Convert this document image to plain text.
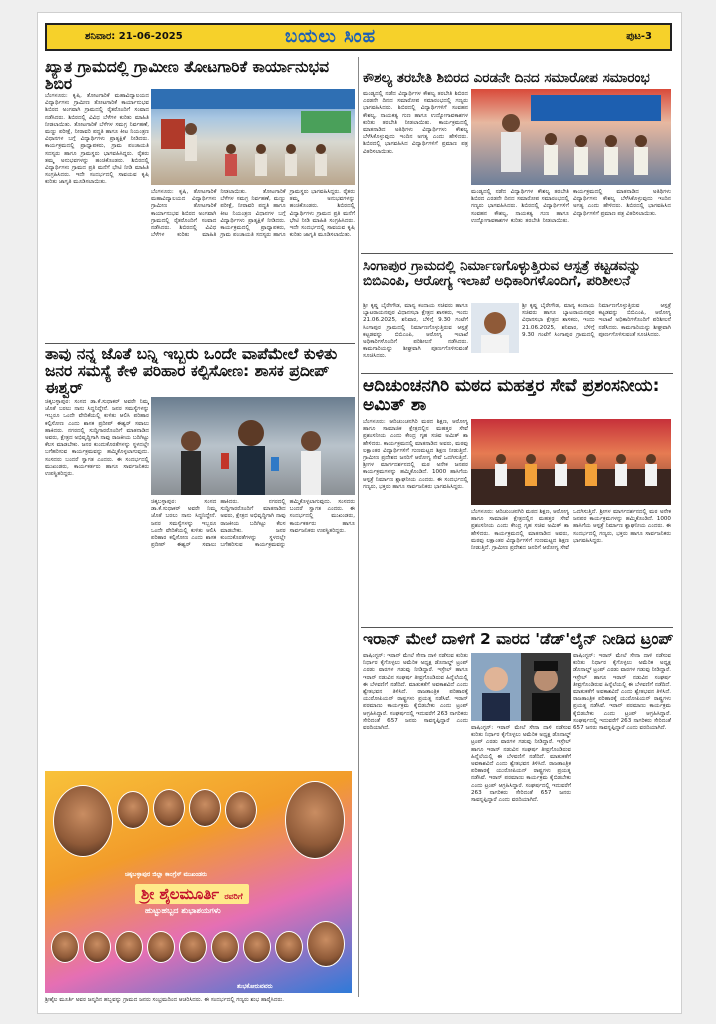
ಶನಿವಾರ: 21-06-2025	ಬಯಲು ಸಿಂಹ	ಪುಟ-3
ಖ್ಯಾತ ಗ್ರಾಮದಲ್ಲಿ ಗ್ರಾಮೀಣ ತೋಟಗಾರಿಕೆ ಕಾರ್ಯಾನುಭವ ಶಿಬಿರ
ಬೆಂಗಳೂರು: ಕೃಷಿ, ತೋಟಗಾರಿಕೆ ಮಹಾವಿದ್ಯಾಲಯದ ವಿದ್ಯಾರ್ಥಿಗಳು ಗ್ರಾಮೀಣ ತೋಟಗಾರಿಕೆ ಕಾರ್ಯಾನುಭವ ಶಿಬಿರದ ಅಂಗವಾಗಿ ಗ್ರಾಮದಲ್ಲಿ ರೈತರೊಂದಿಗೆ ಸಂವಾದ ನಡೆಸಿದರು. ಶಿಬಿರದಲ್ಲಿ ವಿವಿಧ ಬೆಳೆಗಳ ಕುರಿತು ಮಾಹಿತಿ ನೀಡಲಾಯಿತು. ತೋಟಗಾರಿಕೆ ಬೆಳೆಗಳ ಸಮಗ್ರ ನಿರ್ವಹಣೆ, ಮಣ್ಣು ಪರೀಕ್ಷೆ, ನೀರಾವರಿ ಪದ್ಧತಿ ಹಾಗೂ ಕೀಟ ನಿಯಂತ್ರಣ ವಿಧಾನಗಳ ಬಗ್ಗೆ ವಿದ್ಯಾರ್ಥಿಗಳು ಪ್ರಾತ್ಯಕ್ಷಿಕೆ ನೀಡಿದರು. ಕಾರ್ಯಕ್ರಮದಲ್ಲಿ ಪ್ರಾಧ್ಯಾಪಕರು, ಗ್ರಾಮ ಪಂಚಾಯತಿ ಸದಸ್ಯರು ಹಾಗೂ ಗ್ರಾಮಸ್ಥರು ಭಾಗವಹಿಸಿದ್ದರು. ರೈತರು ತಮ್ಮ ಅನುಭವಗಳನ್ನು ಹಂಚಿಕೊಂಡರು. ಶಿಬಿರದಲ್ಲಿ ವಿದ್ಯಾರ್ಥಿಗಳು ಗ್ರಾಮದ ಪ್ರತಿ ಮನೆಗೆ ಭೇಟಿ ನೀಡಿ ಮಾಹಿತಿ ಸಂಗ್ರಹಿಸಿದರು. ಇದೇ ಸಂದರ್ಭದಲ್ಲಿ ಸಾವಯವ ಕೃಷಿ ಕುರಿತು ಜಾಗೃತಿ ಮೂಡಿಸಲಾಯಿತು.
ಬೆಂಗಳೂರು: ಕೃಷಿ, ತೋಟಗಾರಿಕೆ ಮಹಾವಿದ್ಯಾಲಯದ ವಿದ್ಯಾರ್ಥಿಗಳು ಗ್ರಾಮೀಣ ತೋಟಗಾರಿಕೆ ಕಾರ್ಯಾನುಭವ ಶಿಬಿರದ ಅಂಗವಾಗಿ ಗ್ರಾಮದಲ್ಲಿ ರೈತರೊಂದಿಗೆ ಸಂವಾದ ನಡೆಸಿದರು. ಶಿಬಿರದಲ್ಲಿ ವಿವಿಧ ಬೆಳೆಗಳ ಕುರಿತು ಮಾಹಿತಿ ನೀಡಲಾಯಿತು. ತೋಟಗಾರಿಕೆ ಬೆಳೆಗಳ ಸಮಗ್ರ ನಿರ್ವಹಣೆ, ಮಣ್ಣು ಪರೀಕ್ಷೆ, ನೀರಾವರಿ ಪದ್ಧತಿ ಹಾಗೂ ಕೀಟ ನಿಯಂತ್ರಣ ವಿಧಾನಗಳ ಬಗ್ಗೆ ವಿದ್ಯಾರ್ಥಿಗಳು ಪ್ರಾತ್ಯಕ್ಷಿಕೆ ನೀಡಿದರು. ಕಾರ್ಯಕ್ರಮದಲ್ಲಿ ಪ್ರಾಧ್ಯಾಪಕರು, ಗ್ರಾಮ ಪಂಚಾಯತಿ ಸದಸ್ಯರು ಹಾಗೂ ಗ್ರಾಮಸ್ಥರು ಭಾಗವಹಿಸಿದ್ದರು. ರೈತರು ತಮ್ಮ ಅನುಭವಗಳನ್ನು ಹಂಚಿಕೊಂಡರು. ಶಿಬಿರದಲ್ಲಿ ವಿದ್ಯಾರ್ಥಿಗಳು ಗ್ರಾಮದ ಪ್ರತಿ ಮನೆಗೆ ಭೇಟಿ ನೀಡಿ ಮಾಹಿತಿ ಸಂಗ್ರಹಿಸಿದರು. ಇದೇ ಸಂದರ್ಭದಲ್ಲಿ ಸಾವಯವ ಕೃಷಿ ಕುರಿತು ಜಾಗೃತಿ ಮೂಡಿಸಲಾಯಿತು.
ಕೌಶಲ್ಯ ತರಬೇತಿ ಶಿಬಿರದ ಎರಡನೇ ದಿನದ ಸಮಾರೋಪ ಸಮಾರಂಭ
ಮಂಡ್ಯದಲ್ಲಿ ನಡೆದ ವಿದ್ಯಾರ್ಥಿಗಳ ಕೌಶಲ್ಯ ತರಬೇತಿ ಶಿಬಿರದ ಎರಡನೇ ದಿನದ ಸಮಾರೋಪ ಸಮಾರಂಭದಲ್ಲಿ ಗಣ್ಯರು ಭಾಗವಹಿಸಿದರು. ಶಿಬಿರದಲ್ಲಿ ವಿದ್ಯಾರ್ಥಿಗಳಿಗೆ ಸಂವಹನ ಕೌಶಲ್ಯ, ನಾಯಕತ್ವ ಗುಣ ಹಾಗೂ ಉದ್ಯೋಗಾವಕಾಶಗಳ ಕುರಿತು ತರಬೇತಿ ನೀಡಲಾಯಿತು. ಕಾರ್ಯಕ್ರಮದಲ್ಲಿ ಮಾತನಾಡಿದ ಅತಿಥಿಗಳು ವಿದ್ಯಾರ್ಥಿಗಳು ಕೌಶಲ್ಯ ಬೆಳೆಸಿಕೊಳ್ಳುವುದು ಇಂದಿನ ಅಗತ್ಯ ಎಂದು ಹೇಳಿದರು. ಶಿಬಿರದಲ್ಲಿ ಭಾಗವಹಿಸಿದ ವಿದ್ಯಾರ್ಥಿಗಳಿಗೆ ಪ್ರಮಾಣ ಪತ್ರ ವಿತರಿಸಲಾಯಿತು.
ಮಂಡ್ಯದಲ್ಲಿ ನಡೆದ ವಿದ್ಯಾರ್ಥಿಗಳ ಕೌಶಲ್ಯ ತರಬೇತಿ ಶಿಬಿರದ ಎರಡನೇ ದಿನದ ಸಮಾರೋಪ ಸಮಾರಂಭದಲ್ಲಿ ಗಣ್ಯರು ಭಾಗವಹಿಸಿದರು. ಶಿಬಿರದಲ್ಲಿ ವಿದ್ಯಾರ್ಥಿಗಳಿಗೆ ಸಂವಹನ ಕೌಶಲ್ಯ, ನಾಯಕತ್ವ ಗುಣ ಹಾಗೂ ಉದ್ಯೋಗಾವಕಾಶಗಳ ಕುರಿತು ತರಬೇತಿ ನೀಡಲಾಯಿತು. ಕಾರ್ಯಕ್ರಮದಲ್ಲಿ ಮಾತನಾಡಿದ ಅತಿಥಿಗಳು ವಿದ್ಯಾರ್ಥಿಗಳು ಕೌಶಲ್ಯ ಬೆಳೆಸಿಕೊಳ್ಳುವುದು ಇಂದಿನ ಅಗತ್ಯ ಎಂದು ಹೇಳಿದರು. ಶಿಬಿರದಲ್ಲಿ ಭಾಗವಹಿಸಿದ ವಿದ್ಯಾರ್ಥಿಗಳಿಗೆ ಪ್ರಮಾಣ ಪತ್ರ ವಿತರಿಸಲಾಯಿತು.
ಸಿಂಗಾಪುರ ಗ್ರಾಮದಲ್ಲಿ ನಿರ್ಮಾಣಗೊಳ್ಳುತ್ತಿರುವ ಆಸ್ಪತ್ರೆ ಕಟ್ಟಡವನ್ನು ಬಿಬಿಎಂಪಿ, ಆರೋಗ್ಯ ಇಲಾಖೆ ಅಧಿಕಾರಿಗಳೊಂದಿಗೆ, ಪರಿಶೀಲನೆ
ಶ್ರೀ ಕೃಷ್ಣ ಬೈರೇಗೌಡ, ಮಾನ್ಯ ಕಂದಾಯ ಸಚಿವರು ಹಾಗೂ ಬ್ಯಾಟರಾಯನಪುರ ವಿಧಾನಸಭಾ ಕ್ಷೇತ್ರದ ಶಾಸಕರು, ಇಂದು 21.06.2025, ಶನಿವಾರ, ಬೆಳಿಗ್ಗೆ 9.30 ಗಂಟೆಗೆ ಸಿಂಗಾಪುರ ಗ್ರಾಮದಲ್ಲಿ ನಿರ್ಮಾಣಗೊಳ್ಳುತ್ತಿರುವ ಆಸ್ಪತ್ರೆ ಕಟ್ಟಡವನ್ನು ಬಿಬಿಎಂಪಿ, ಆರೋಗ್ಯ ಇಲಾಖೆ ಅಧಿಕಾರಿಗಳೊಂದಿಗೆ ಪರಿಶೀಲನೆ ನಡೆಸಿದರು. ಕಾಮಗಾರಿಯನ್ನು ಶೀಘ್ರವಾಗಿ ಪೂರ್ಣಗೊಳಿಸುವಂತೆ ಸೂಚಿಸಿದರು.
ಶ್ರೀ ಕೃಷ್ಣ ಬೈರೇಗೌಡ, ಮಾನ್ಯ ಕಂದಾಯ ಸಚಿವರು ಹಾಗೂ ಬ್ಯಾಟರಾಯನಪುರ ವಿಧಾನಸಭಾ ಕ್ಷೇತ್ರದ ಶಾಸಕರು, ಇಂದು 21.06.2025, ಶನಿವಾರ, ಬೆಳಿಗ್ಗೆ 9.30 ಗಂಟೆಗೆ ಸಿಂಗಾಪುರ ಗ್ರಾಮದಲ್ಲಿ ನಿರ್ಮಾಣಗೊಳ್ಳುತ್ತಿರುವ ಆಸ್ಪತ್ರೆ ಕಟ್ಟಡವನ್ನು ಬಿಬಿಎಂಪಿ, ಆರೋಗ್ಯ ಇಲಾಖೆ ಅಧಿಕಾರಿಗಳೊಂದಿಗೆ ಪರಿಶೀಲನೆ ನಡೆಸಿದರು. ಕಾಮಗಾರಿಯನ್ನು ಶೀಘ್ರವಾಗಿ ಪೂರ್ಣಗೊಳಿಸುವಂತೆ ಸೂಚಿಸಿದರು.
ತಾವು ನನ್ನ ಜೊತೆ ಬನ್ನಿ ಇಬ್ಬರು ಒಂದೇ ವಾಪೆಮೇಲೆ ಕುಳಿತು ಜನರ ಸಮಸ್ಯೆ ಕೇಳಿ ಪರಿಹಾರ ಕಲ್ಪಿಸೋಣ: ಶಾಸಕ ಪ್ರದೀಪ್ ಈಶ್ವರ್
ಚಿಕ್ಕಬಳ್ಳಾಪುರ: ಸಂಸದ ಡಾ.ಕೆ.ಸುಧಾಕರ್ ಅವರೇ ನಿಮ್ಮ ಜೊತೆ ಬರಲು ನಾನು ಸಿದ್ಧನಿದ್ದೇನೆ. ಜನರ ಸಮಸ್ಯೆಗಳನ್ನು ಇಬ್ಬರೂ ಒಂದೇ ವೇದಿಕೆಯಲ್ಲಿ ಕುಳಿತು ಆಲಿಸಿ ಪರಿಹಾರ ಕಲ್ಪಿಸೋಣ ಎಂದು ಶಾಸಕ ಪ್ರದೀಪ್ ಈಶ್ವರ್ ಸವಾಲು ಹಾಕಿದರು. ನಗರದಲ್ಲಿ ಸುದ್ದಿಗಾರರೊಂದಿಗೆ ಮಾತನಾಡಿದ ಅವರು, ಕ್ಷೇತ್ರದ ಅಭಿವೃದ್ಧಿಗಾಗಿ ನಾವು ರಾಜಕೀಯ ಬದಿಗಿಟ್ಟು ಕೆಲಸ ಮಾಡಬೇಕು. ಜನರ ಕುಂದುಕೊರತೆಗಳನ್ನು ಸ್ಥಳದಲ್ಲೇ ಬಗೆಹರಿಸುವ ಕಾರ್ಯಕ್ರಮವನ್ನು ಹಮ್ಮಿಕೊಳ್ಳಲಾಗುವುದು. ಸಂಸದರು ಬಂದರೆ ಸ್ವಾಗತ ಎಂದರು. ಈ ಸಂದರ್ಭದಲ್ಲಿ ಮುಖಂಡರು, ಕಾರ್ಯಕರ್ತರು ಹಾಗೂ ಸಾರ್ವಜನಿಕರು ಉಪಸ್ಥಿತರಿದ್ದರು.
ಚಿಕ್ಕಬಳ್ಳಾಪುರ: ಸಂಸದ ಡಾ.ಕೆ.ಸುಧಾಕರ್ ಅವರೇ ನಿಮ್ಮ ಜೊತೆ ಬರಲು ನಾನು ಸಿದ್ಧನಿದ್ದೇನೆ. ಜನರ ಸಮಸ್ಯೆಗಳನ್ನು ಇಬ್ಬರೂ ಒಂದೇ ವೇದಿಕೆಯಲ್ಲಿ ಕುಳಿತು ಆಲಿಸಿ ಪರಿಹಾರ ಕಲ್ಪಿಸೋಣ ಎಂದು ಶಾಸಕ ಪ್ರದೀಪ್ ಈಶ್ವರ್ ಸವಾಲು ಹಾಕಿದರು. ನಗರದಲ್ಲಿ ಸುದ್ದಿಗಾರರೊಂದಿಗೆ ಮಾತನಾಡಿದ ಅವರು, ಕ್ಷೇತ್ರದ ಅಭಿವೃದ್ಧಿಗಾಗಿ ನಾವು ರಾಜಕೀಯ ಬದಿಗಿಟ್ಟು ಕೆಲಸ ಮಾಡಬೇಕು. ಜನರ ಕುಂದುಕೊರತೆಗಳನ್ನು ಸ್ಥಳದಲ್ಲೇ ಬಗೆಹರಿಸುವ ಕಾರ್ಯಕ್ರಮವನ್ನು ಹಮ್ಮಿಕೊಳ್ಳಲಾಗುವುದು. ಸಂಸದರು ಬಂದರೆ ಸ್ವಾಗತ ಎಂದರು. ಈ ಸಂದರ್ಭದಲ್ಲಿ ಮುಖಂಡರು, ಕಾರ್ಯಕರ್ತರು ಹಾಗೂ ಸಾರ್ವಜನಿಕರು ಉಪಸ್ಥಿತರಿದ್ದರು.
ಆದಿಚುಂಚನಗಿರಿ ಮಠದ ಮಹತ್ತರ ಸೇವೆ ಪ್ರಶಂಸನೀಯ: ಅಮಿತ್ ಶಾ
ಬೆಂಗಳೂರು: ಆದಿಚುಂಚನಗಿರಿ ಮಠದ ಶಿಕ್ಷಣ, ಆರೋಗ್ಯ ಹಾಗೂ ಸಾಮಾಜಿಕ ಕ್ಷೇತ್ರದಲ್ಲಿನ ಮಹತ್ತರ ಸೇವೆ ಪ್ರಶಂಸನೀಯ ಎಂದು ಕೇಂದ್ರ ಗೃಹ ಸಚಿವ ಅಮಿತ್ ಶಾ ಹೇಳಿದರು. ಕಾರ್ಯಕ್ರಮದಲ್ಲಿ ಮಾತನಾಡಿದ ಅವರು, ಮಠವು ಲಕ್ಷಾಂತರ ವಿದ್ಯಾರ್ಥಿಗಳಿಗೆ ಗುಣಮಟ್ಟದ ಶಿಕ್ಷಣ ನೀಡುತ್ತಿದೆ. ಗ್ರಾಮೀಣ ಪ್ರದೇಶದ ಜನರಿಗೆ ಆರೋಗ್ಯ ಸೇವೆ ಒದಗಿಸುತ್ತಿದೆ. ಶ್ರೀಗಳ ಮಾರ್ಗದರ್ಶನದಲ್ಲಿ ಮಠ ಅನೇಕ ಜನಪರ ಕಾರ್ಯಕ್ರಮಗಳನ್ನು ಹಮ್ಮಿಕೊಂಡಿದೆ. 1000 ಹಾಸಿಗೆಯ ಆಸ್ಪತ್ರೆ ನಿರ್ಮಾಣ ಶ್ಲಾಘನೀಯ ಎಂದರು. ಈ ಸಂದರ್ಭದಲ್ಲಿ ಗಣ್ಯರು, ಭಕ್ತರು ಹಾಗೂ ಸಾರ್ವಜನಿಕರು ಭಾಗವಹಿಸಿದ್ದರು.
ಬೆಂಗಳೂರು: ಆದಿಚುಂಚನಗಿರಿ ಮಠದ ಶಿಕ್ಷಣ, ಆರೋಗ್ಯ ಹಾಗೂ ಸಾಮಾಜಿಕ ಕ್ಷೇತ್ರದಲ್ಲಿನ ಮಹತ್ತರ ಸೇವೆ ಪ್ರಶಂಸನೀಯ ಎಂದು ಕೇಂದ್ರ ಗೃಹ ಸಚಿವ ಅಮಿತ್ ಶಾ ಹೇಳಿದರು. ಕಾರ್ಯಕ್ರಮದಲ್ಲಿ ಮಾತನಾಡಿದ ಅವರು, ಮಠವು ಲಕ್ಷಾಂತರ ವಿದ್ಯಾರ್ಥಿಗಳಿಗೆ ಗುಣಮಟ್ಟದ ಶಿಕ್ಷಣ ನೀಡುತ್ತಿದೆ. ಗ್ರಾಮೀಣ ಪ್ರದೇಶದ ಜನರಿಗೆ ಆರೋಗ್ಯ ಸೇವೆ ಒದಗಿಸುತ್ತಿದೆ. ಶ್ರೀಗಳ ಮಾರ್ಗದರ್ಶನದಲ್ಲಿ ಮಠ ಅನೇಕ ಜನಪರ ಕಾರ್ಯಕ್ರಮಗಳನ್ನು ಹಮ್ಮಿಕೊಂಡಿದೆ. 1000 ಹಾಸಿಗೆಯ ಆಸ್ಪತ್ರೆ ನಿರ್ಮಾಣ ಶ್ಲಾಘನೀಯ ಎಂದರು. ಈ ಸಂದರ್ಭದಲ್ಲಿ ಗಣ್ಯರು, ಭಕ್ತರು ಹಾಗೂ ಸಾರ್ವಜನಿಕರು ಭಾಗವಹಿಸಿದ್ದರು.
ಇರಾನ್ ಮೇಲೆ ದಾಳಿಗೆ 2 ವಾರದ 'ಡೆಡ್'ಲೈನ್ ನೀಡಿದ ಟ್ರಂಪ್
ವಾಷಿಂಗ್ಟನ್: ಇರಾನ್ ಮೇಲೆ ಸೇನಾ ದಾಳಿ ನಡೆಸುವ ಕುರಿತು ನಿರ್ಧಾರ ಕೈಗೊಳ್ಳಲು ಅಮೆರಿಕ ಅಧ್ಯಕ್ಷ ಡೊನಾಲ್ಡ್ ಟ್ರಂಪ್ ಎರಡು ವಾರಗಳ ಗಡುವು ನೀಡಿದ್ದಾರೆ. ಇಸ್ರೇಲ್ ಹಾಗೂ ಇರಾನ್ ನಡುವಿನ ಸಂಘರ್ಷ ತೀವ್ರಗೊಂಡಿರುವ ಹಿನ್ನೆಲೆಯಲ್ಲಿ ಈ ಬೆಳವಣಿಗೆ ನಡೆದಿದೆ. ಮಾತುಕತೆಗೆ ಅವಕಾಶವಿದೆ ಎಂದು ಶ್ವೇತಭವನ ತಿಳಿಸಿದೆ. ರಾಜತಾಂತ್ರಿಕ ಪರಿಹಾರಕ್ಕೆ ಯುರೋಪಿಯನ್ ರಾಷ್ಟ್ರಗಳು ಪ್ರಯತ್ನ ನಡೆಸಿವೆ. ಇರಾನ್ ಪರಮಾಣು ಕಾರ್ಯಕ್ರಮ ಕೈಬಿಡಬೇಕು ಎಂದು ಟ್ರಂಪ್ ಆಗ್ರಹಿಸಿದ್ದಾರೆ. ಸಂಘರ್ಷದಲ್ಲಿ ಇದುವರೆಗೆ 263 ನಾಗರಿಕರು ಸೇರಿದಂತೆ 657 ಜನರು ಸಾವನ್ನಪ್ಪಿದ್ದಾರೆ ಎಂದು ವರದಿಯಾಗಿದೆ.
ವಾಷಿಂಗ್ಟನ್: ಇರಾನ್ ಮೇಲೆ ಸೇನಾ ದಾಳಿ ನಡೆಸುವ ಕುರಿತು ನಿರ್ಧಾರ ಕೈಗೊಳ್ಳಲು ಅಮೆರಿಕ ಅಧ್ಯಕ್ಷ ಡೊನಾಲ್ಡ್ ಟ್ರಂಪ್ ಎರಡು ವಾರಗಳ ಗಡುವು ನೀಡಿದ್ದಾರೆ. ಇಸ್ರೇಲ್ ಹಾಗೂ ಇರಾನ್ ನಡುವಿನ ಸಂಘರ್ಷ ತೀವ್ರಗೊಂಡಿರುವ ಹಿನ್ನೆಲೆಯಲ್ಲಿ ಈ ಬೆಳವಣಿಗೆ ನಡೆದಿದೆ. ಮಾತುಕತೆಗೆ ಅವಕಾಶವಿದೆ ಎಂದು ಶ್ವೇತಭವನ ತಿಳಿಸಿದೆ. ರಾಜತಾಂತ್ರಿಕ ಪರಿಹಾರಕ್ಕೆ ಯುರೋಪಿಯನ್ ರಾಷ್ಟ್ರಗಳು ಪ್ರಯತ್ನ ನಡೆಸಿವೆ. ಇರಾನ್ ಪರಮಾಣು ಕಾರ್ಯಕ್ರಮ ಕೈಬಿಡಬೇಕು ಎಂದು ಟ್ರಂಪ್ ಆಗ್ರಹಿಸಿದ್ದಾರೆ. ಸಂಘರ್ಷದಲ್ಲಿ ಇದುವರೆಗೆ 263 ನಾಗರಿಕರು ಸೇರಿದಂತೆ 657 ಜನರು ಸಾವನ್ನಪ್ಪಿದ್ದಾರೆ ಎಂದು ವರದಿಯಾಗಿದೆ.
ವಾಷಿಂಗ್ಟನ್: ಇರಾನ್ ಮೇಲೆ ಸೇನಾ ದಾಳಿ ನಡೆಸುವ ಕುರಿತು ನಿರ್ಧಾರ ಕೈಗೊಳ್ಳಲು ಅಮೆರಿಕ ಅಧ್ಯಕ್ಷ ಡೊನಾಲ್ಡ್ ಟ್ರಂಪ್ ಎರಡು ವಾರಗಳ ಗಡುವು ನೀಡಿದ್ದಾರೆ. ಇಸ್ರೇಲ್ ಹಾಗೂ ಇರಾನ್ ನಡುವಿನ ಸಂಘರ್ಷ ತೀವ್ರಗೊಂಡಿರುವ ಹಿನ್ನೆಲೆಯಲ್ಲಿ ಈ ಬೆಳವಣಿಗೆ ನಡೆದಿದೆ. ಮಾತುಕತೆಗೆ ಅವಕಾಶವಿದೆ ಎಂದು ಶ್ವೇತಭವನ ತಿಳಿಸಿದೆ. ರಾಜತಾಂತ್ರಿಕ ಪರಿಹಾರಕ್ಕೆ ಯುರೋಪಿಯನ್ ರಾಷ್ಟ್ರಗಳು ಪ್ರಯತ್ನ ನಡೆಸಿವೆ. ಇರಾನ್ ಪರಮಾಣು ಕಾರ್ಯಕ್ರಮ ಕೈಬಿಡಬೇಕು ಎಂದು ಟ್ರಂಪ್ ಆಗ್ರಹಿಸಿದ್ದಾರೆ. ಸಂಘರ್ಷದಲ್ಲಿ ಇದುವರೆಗೆ 263 ನಾಗರಿಕರು ಸೇರಿದಂತೆ 657 ಜನರು ಸಾವನ್ನಪ್ಪಿದ್ದಾರೆ ಎಂದು ವರದಿಯಾಗಿದೆ.
ಚಿಕ್ಕಬಳ್ಳಾಪುರ ಜಿಲ್ಲಾ ಕಾಂಗ್ರೆಸ್ ಮುಖಂಡರು
ಶ್ರೀ ಶೈಲಮೂರ್ತಿ ರವರಿಗೆ
ಹುಟ್ಟುಹಬ್ಬದ ಶುಭಾಶಯಗಳು
ಶುಭಕೋರುವವರು
ಶ್ರೀಶೈಲ ಮೂರ್ತಿ ಅವರ ಜನ್ಮದಿನ ಹಬ್ಬವನ್ನು ಗ್ರಾಮದ ಜನರು ಸಂಭ್ರಮದಿಂದ ಆಚರಿಸಿದರು. ಈ ಸಂದರ್ಭದಲ್ಲಿ ಗಣ್ಯರು ಶುಭ ಹಾರೈಸಿದರು.
